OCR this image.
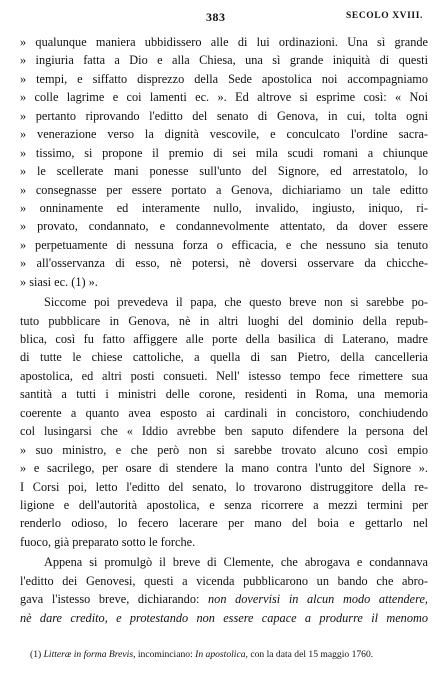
383	SECOLO XVIII.
» qualunque maniera ubbidissero alle di lui ordinazioni. Una sì grande
» ingiuria fatta a Dio e alla Chiesa, una sì grande iniquità di questi
» tempi, e siffatto disprezzo della Sede apostolica noi accompagniamo
» colle lagrime e coi lamenti ec. ». Ed altrove si esprime così: « Noi
» pertanto riprovando l'editto del senato di Genova, in cui, tolta ogni
» venerazione verso la dignità vescovile, e conculcato l'ordine sacra-
» tissimo, si propone il premio di sei mila scudi romani a chiunque
» le scellerate mani ponesse sull'unto del Signore, ed arrestatolo, lo
» consegnasse per essere portato a Genova, dichiariamo un tale editto
» onninamente ed interamente nullo, invalido, ingiusto, iniquo, ri-
» provato, condannato, e condannevolmente attentato, da dover essere
» perpetuamente di nessuna forza o efficacia, e che nessuno sia tenuto
» all'osservanza di esso, nè potersi, nè doversi osservare da chicche-
» siasi ec. (1) ».
Siccome poi prevedeva il papa, che questo breve non si sarebbe po-
tuto pubblicare in Genova, nè in altri luoghi del dominio della repub-
blica, così fu fatto affiggere alle porte della basilica di Laterano, madre
di tutte le chiese cattoliche, a quella di san Pietro, della cancelleria
apostolica, ed altri posti consueti. Nell' istesso tempo fece rimettere sua
santità a tutti i ministri delle corone, residenti in Roma, una memoria
coerente a quanto avea esposto ai cardinali in concistoro, conchiudendo
col lusingarsi che « Iddio avrebbe ben saputo difendere la persona del
» suo ministro, e che però non si sarebbe trovato alcuno così empio
» e sacrilego, per osare di stendere la mano contra l'unto del Signore ».
I Corsi poi, letto l'editto del senato, lo trovarono distruggitore della re-
ligione e dell'autorità apostolica, e senza ricorrere a mezzi termini per
renderlo odioso, lo fecero lacerare per mano del boia e gettarlo nel
fuoco, già preparato sotto le forche.
Appena si promulgò il breve di Clemente, che abrogava e condannava
l'editto dei Genovesi, questi a vicenda pubblicarono un bando che abro-
gava l'istesso breve, dichiarando: non dovervisi in alcun modo attendere,
nè dare credito, e protestando non essere capace a produrre il menomo
(1) Litteræ in forma Brevis, incominciano: In apostolica, con la data del 15 maggio 1760.
